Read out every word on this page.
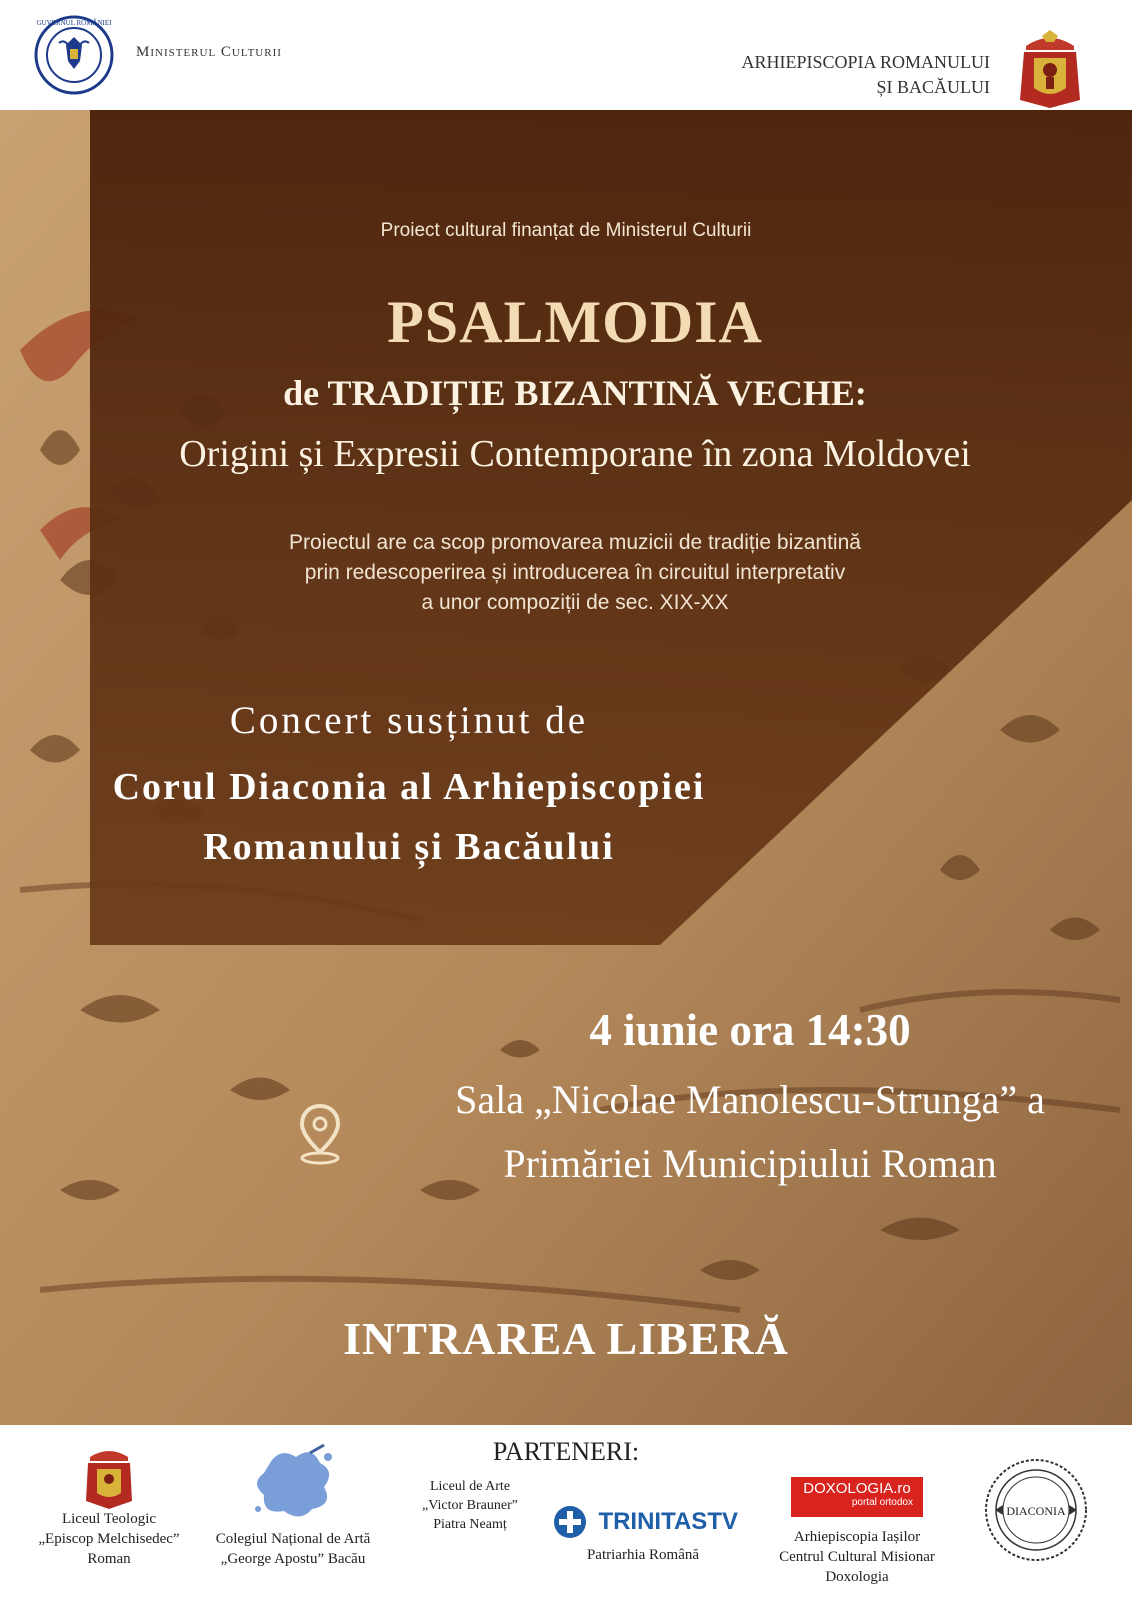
GUVERNUL ROMÂNIEI
Ministerul Culturii	ARHIEPISCOPIA ROMANULUI
ȘI BACĂULUI
Proiect cultural finanțat de Ministerul Culturii
PSALMODIA
de TRADIȚIE BIZANTINĂ VECHE:
Origini și Expresii Contemporane în zona Moldovei
Proiectul are ca scop promovarea muzicii de tradiție bizantină
prin redescoperirea și introducerea în circuitul interpretativ
a unor compoziții de sec. XIX-XX
Concert susținut de
Corul Diaconia al Arhiepiscopiei
Romanului și Bacăului
4 iunie ora 14:30
Sala „Nicolae Manolescu-Strunga” a
Primăriei Municipiului Roman
INTRAREA LIBERĂ
PARTENERI:
Liceul Teologic
„Episcop Melchisedec”
Roman
Colegiul Național de Artă
„George Apostu” Bacău
Liceul de Arte
„Victor Brauner”
Piatra Neamț	TRINITASTV
Patriarhia Română
DOXOLOGIA.ro
portal ortodox
Arhiepiscopia Iașilor
Centrul Cultural Misionar
Doxologia
DIACONIA
